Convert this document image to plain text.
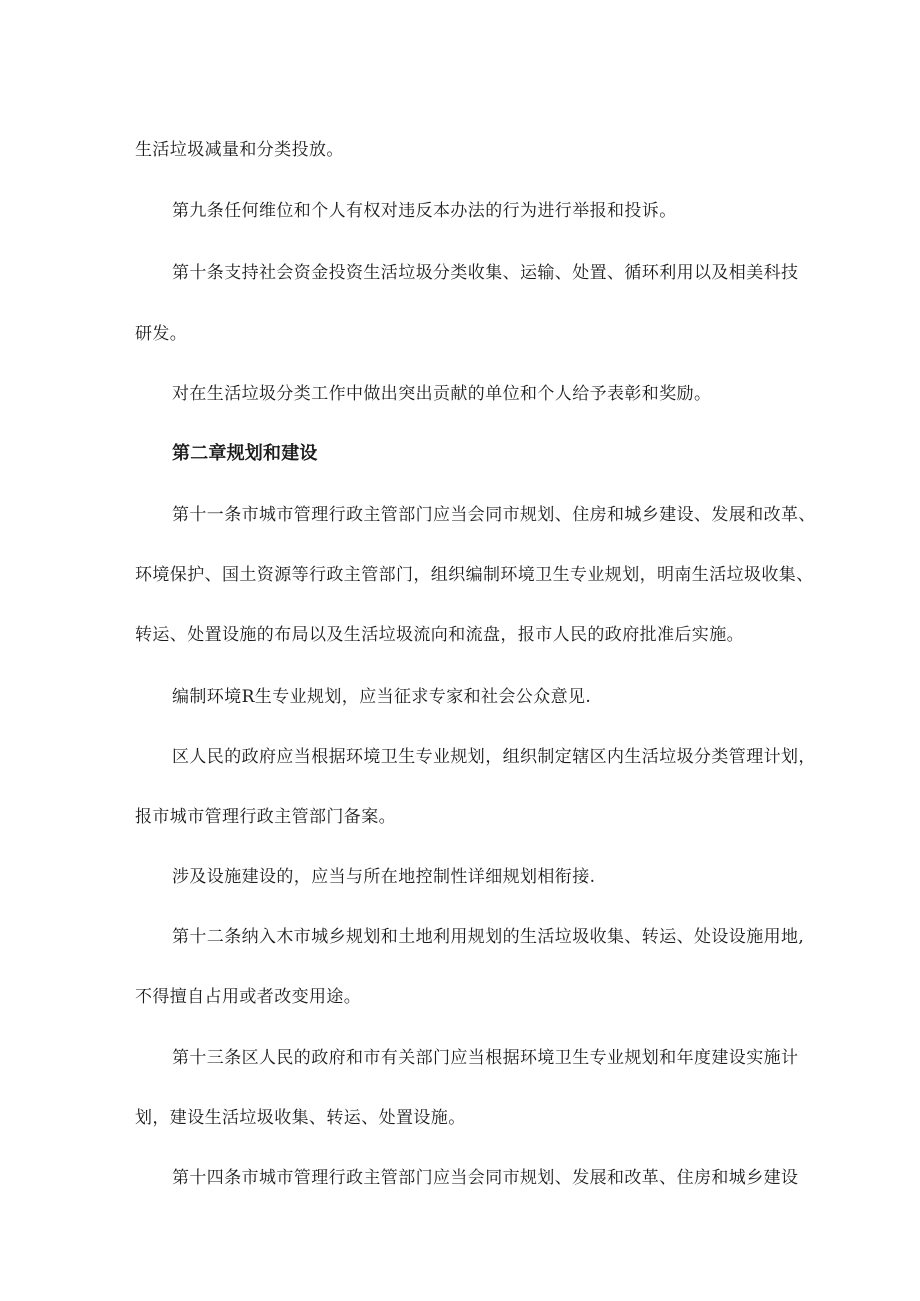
生活垃圾减量和分类投放。

第九条任何维位和个人有权对违反本办法的行为进行举报和投诉。

第十条支持社会资金投资生活垃圾分类收集、运输、处置、循环利用以及相美科技

研发。

对在生活垃圾分类工作中做出突出贡献的单位和个人给予表彰和奖励。

第二章规划和建设

第十一条市城市管理行政主管部门应当会同市规划、住房和城乡建设、发展和改革、

环境保护、国土资源等行政主管部门，组织编制环境卫生专业规划，明南生活垃圾收集、

转运、处置设施的布局以及生活垃圾流向和流盘，报市人民的政府批准后实施。

编制环境R生专业规划，应当征求专家和社会公众意见.

区人民的政府应当根据环境卫生专业规划，组织制定辖区内生活垃圾分类管理计划，

报市城市管理行政主管部门备案。

涉及设施建设的，应当与所在地控制性详细规划相衔接.

第十二条纳入木市城乡规划和土地利用规划的生活垃圾收集、转运、处设设施用地,

不得擅自占用或者改变用途。

第十三条区人民的政府和市有关部门应当根据环境卫生专业规划和年度建设实施计

划，建设生活垃圾收集、转运、处置设施。

第十四条市城市管理行政主管部门应当会同市规划、发展和改革、住房和城乡建设
